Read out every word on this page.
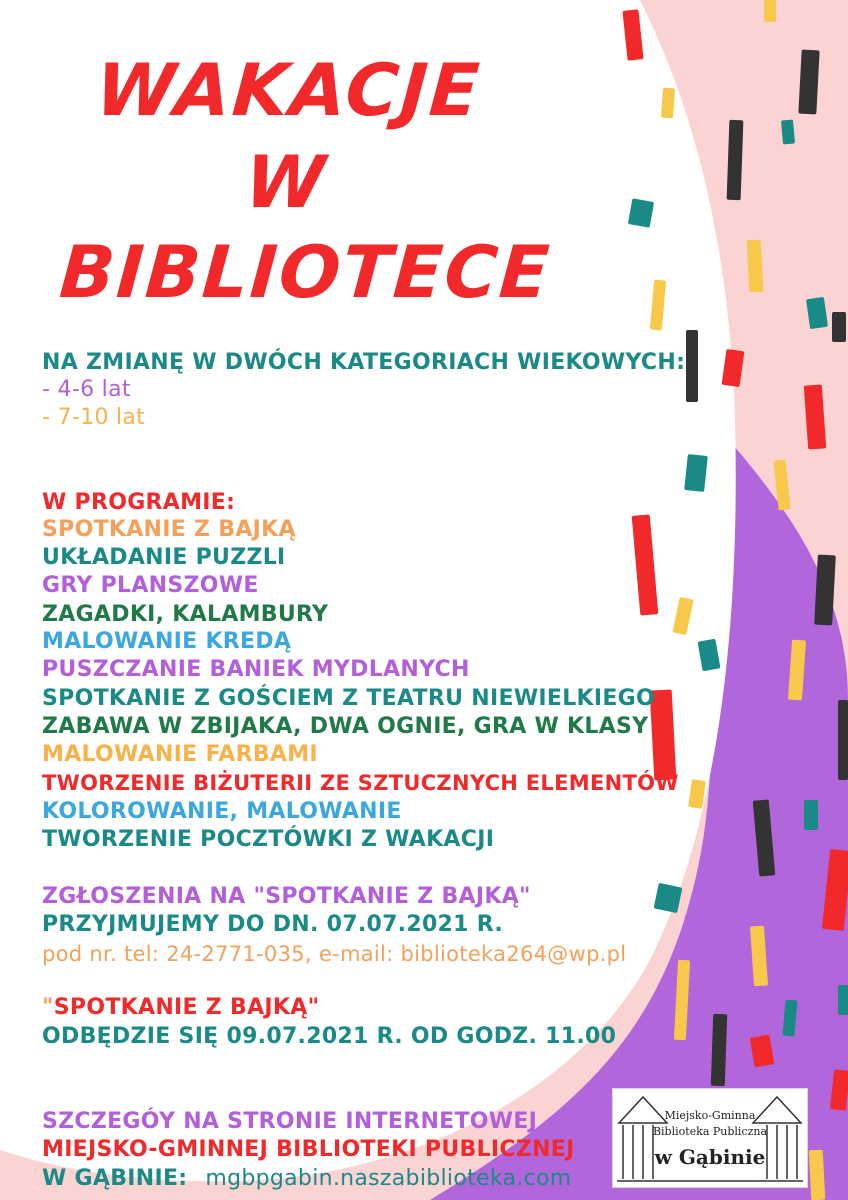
WAKACJE
W
BIBLIOTECE
NA ZMIANĘ W DWÓCH KATEGORIACH WIEKOWYCH:
- 4-6 lat
- 7-10 lat
W PROGRAMIE:
SPOTKANIE Z BAJKĄ
UKŁADANIE PUZZLI
GRY PLANSZOWE
ZAGADKI, KALAMBURY
MALOWANIE KREDĄ
PUSZCZANIE BANIEK MYDLANYCH
SPOTKANIE Z GOŚCIEM Z TEATRU NIEWIELKIEGO
ZABAWA W ZBIJAKA, DWA OGNIE, GRA W KLASY
MALOWANIE FARBAMI
TWORZENIE BIŻUTERII ZE SZTUCZNYCH ELEMENTÓW
KOLOROWANIE, MALOWANIE
TWORZENIE POCZTÓWKI Z WAKACJI
ZGŁOSZENIA NA "SPOTKANIE Z BAJKĄ"
PRZYJMUJEMY DO DN. 07.07.2021 R.
pod nr. tel: 24-2771-035, e-mail: biblioteka264@wp.pl
"SPOTKANIE Z BAJKĄ"
ODBĘDZIE SIĘ 09.07.2021 R. OD GODZ. 11.00
SZCZEGÓY NA STRONIE INTERNETOWEJ
MIEJSKO-GMINNEJ BIBLIOTEKI PUBLICZNEJ
W GĄBINIE: mgbpgabin.naszabiblioteka.com
Miejsko-Gminna
Biblioteka Publiczna
w Gąbinie
